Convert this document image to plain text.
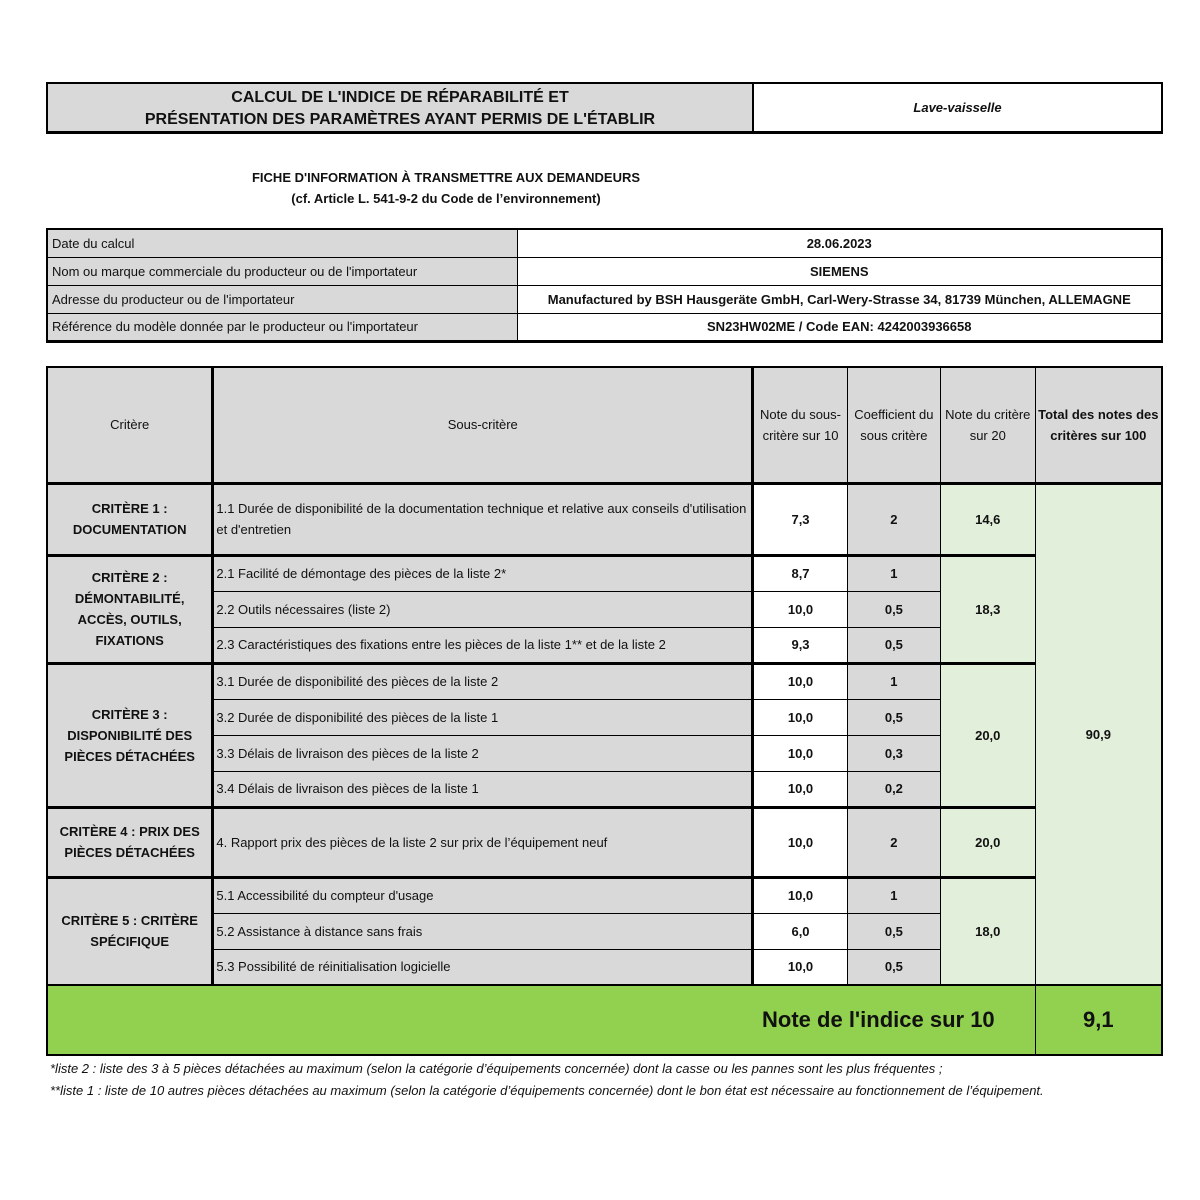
CALCUL DE L'INDICE DE RÉPARABILITÉ ET
PRÉSENTATION DES PARAMÈTRES AYANT PERMIS DE L'ÉTABLIR
Lave-vaisselle
FICHE D'INFORMATION À TRANSMETTRE AUX DEMANDEURS
(cf. Article L. 541-9-2 du Code de l’environnement)
Date du calcul	28.06.2023
Nom ou marque commerciale du producteur ou de l'importateur	SIEMENS
Adresse du producteur ou de l'importateur	Manufactured by BSH Hausgeräte GmbH, Carl-Wery-Strasse 34, 81739 München, ALLEMAGNE
Référence du modèle donnée par le producteur ou l'importateur	SN23HW02ME / Code EAN: 4242003936658
Critère	Sous-critère	Note du sous-critère sur 10	Coefficient du sous critère	Note du critère sur 20	Total des notes des critères sur 100
CRITÈRE 1 : DOCUMENTATION	1.1 Durée de disponibilité de la documentation technique et relative aux conseils d'utilisation et d'entretien	7,3	2	14,6	90,9
CRITÈRE 2 : DÉMONTABILITÉ, ACCÈS, OUTILS, FIXATIONS	2.1 Facilité de démontage des pièces de la liste 2*	8,7	1	18,3	
	2.2 Outils nécessaires (liste 2)	10,0	0,5		
	2.3 Caractéristiques des fixations entre les pièces de la liste 1** et de la liste 2	9,3	0,5		
CRITÈRE 3 : DISPONIBILITÉ DES PIÈCES DÉTACHÉES	3.1 Durée de disponibilité des pièces de la liste 2	10,0	1	20,0	
	3.2 Durée de disponibilité des pièces de la liste 1	10,0	0,5		
	3.3 Délais de livraison des pièces de la liste 2	10,0	0,3		
	3.4 Délais de livraison des pièces de la liste 1	10,0	0,2		
CRITÈRE 4 : PRIX DES PIÈCES DÉTACHÉES	4. Rapport prix des pièces de la liste 2 sur prix de l’équipement neuf	10,0	2	20,0	
CRITÈRE 5 : CRITÈRE SPÉCIFIQUE	5.1 Accessibilité du compteur d'usage	10,0	1	18,0	
	5.2 Assistance à distance sans frais	6,0	0,5		
	5.3 Possibilité de réinitialisation logicielle	10,0	0,5		
Note de l'indice sur 10					9,1
*liste 2 : liste des 3 à 5 pièces détachées au maximum (selon la catégorie d’équipements concernée) dont la casse ou les pannes sont les plus fréquentes ;
**liste 1 : liste de 10 autres pièces détachées au maximum (selon la catégorie d’équipements concernée) dont le bon état est nécessaire au fonctionnement de l’équipement.
